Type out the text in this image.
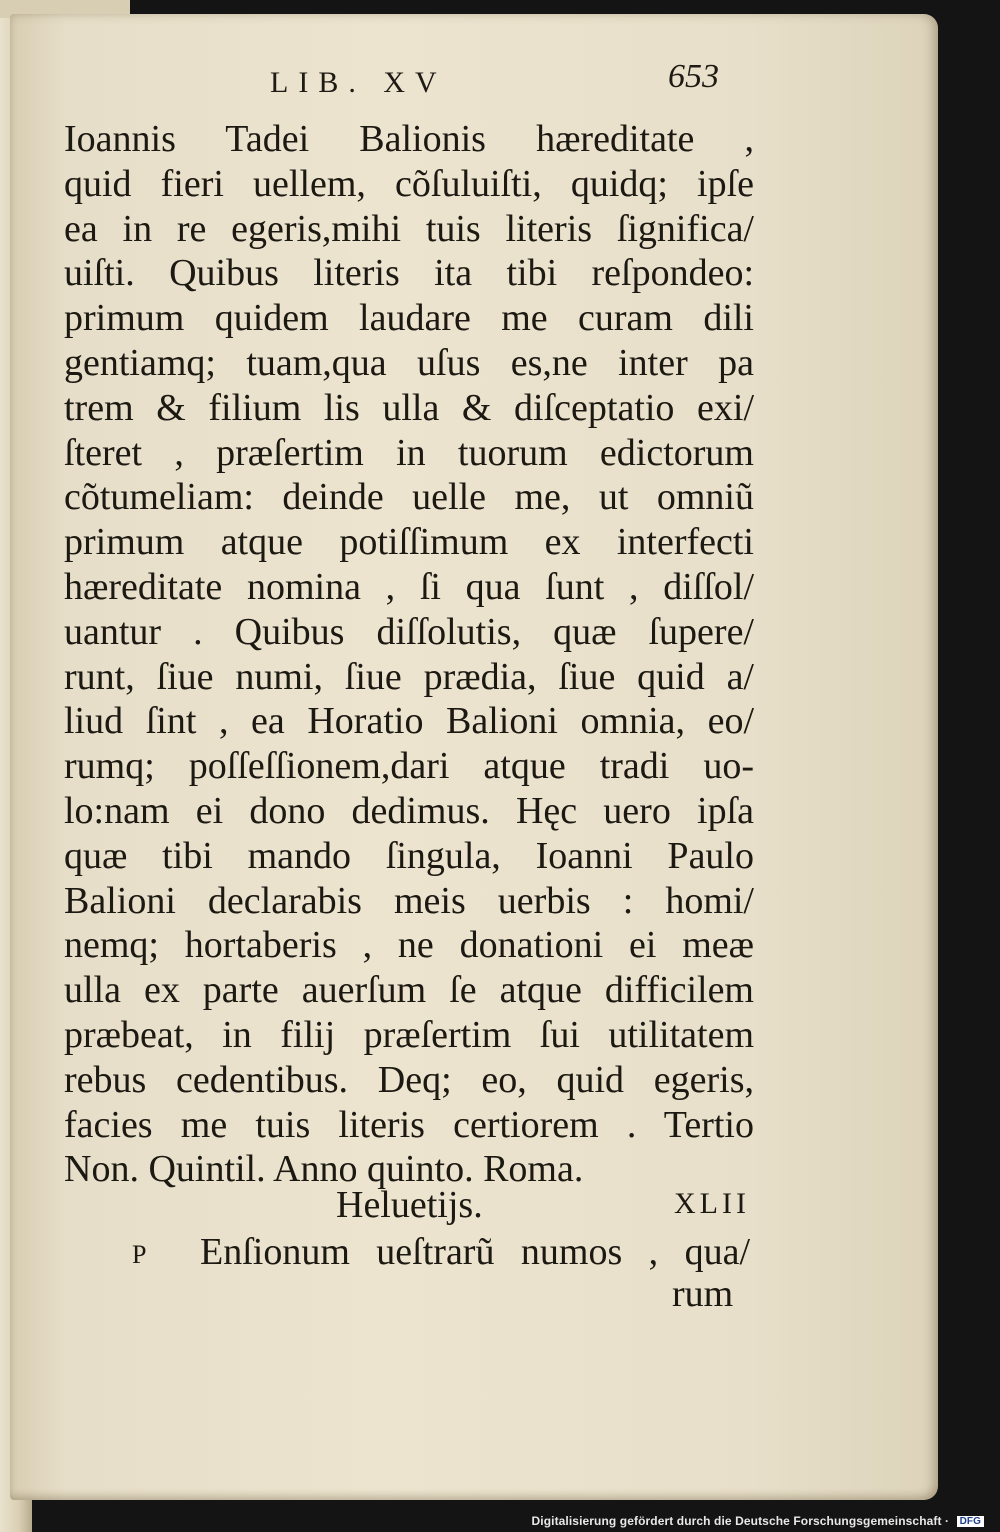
LIB. XV	653
Ioannis Tadei Balionis hæreditate ,
quid fieri uellem, cõſuluiſti, quidq; ipſe
ea in re egeris,mihi tuis literis ſignifica/
uiſti. Quibus literis ita tibi reſpondeo:
primum quidem laudare me curam dili
gentiamq; tuam,qua uſus es,ne inter pa
trem & filium lis ulla & diſceptatio exi/
ſteret , præſertim in tuorum edictorum
cõtumeliam: deinde uelle me, ut omniũ
primum atque potiſſimum ex interfecti
hæreditate nomina , ſi qua ſunt , diſſol/
uantur . Quibus diſſolutis, quæ ſupere/
runt, ſiue numi, ſiue prædia, ſiue quid a/
liud ſint , ea Horatio Balioni omnia, eo/
rumq; poſſeſſionem,dari atque tradi uo-
lo:nam ei dono dedimus. Hęc uero ipſa
quæ tibi mando ſingula, Ioanni Paulo
Balioni declarabis meis uerbis : homi/
nemq; hortaberis , ne donationi ei meæ
ulla ex parte auerſum ſe atque difficilem
præbeat, in filij præſertim ſui utilitatem
rebus cedentibus. Deq; eo, quid egeris,
facies me tuis literis certiorem . Tertio
Non. Quintil. Anno quinto. Roma.
Heluetijs.	XLII
P Enſionum ueſtrarũ numos , qua/
rum
Digitalisierung gefördert durch die Deutsche Forschungsgemeinschaft · DFG
